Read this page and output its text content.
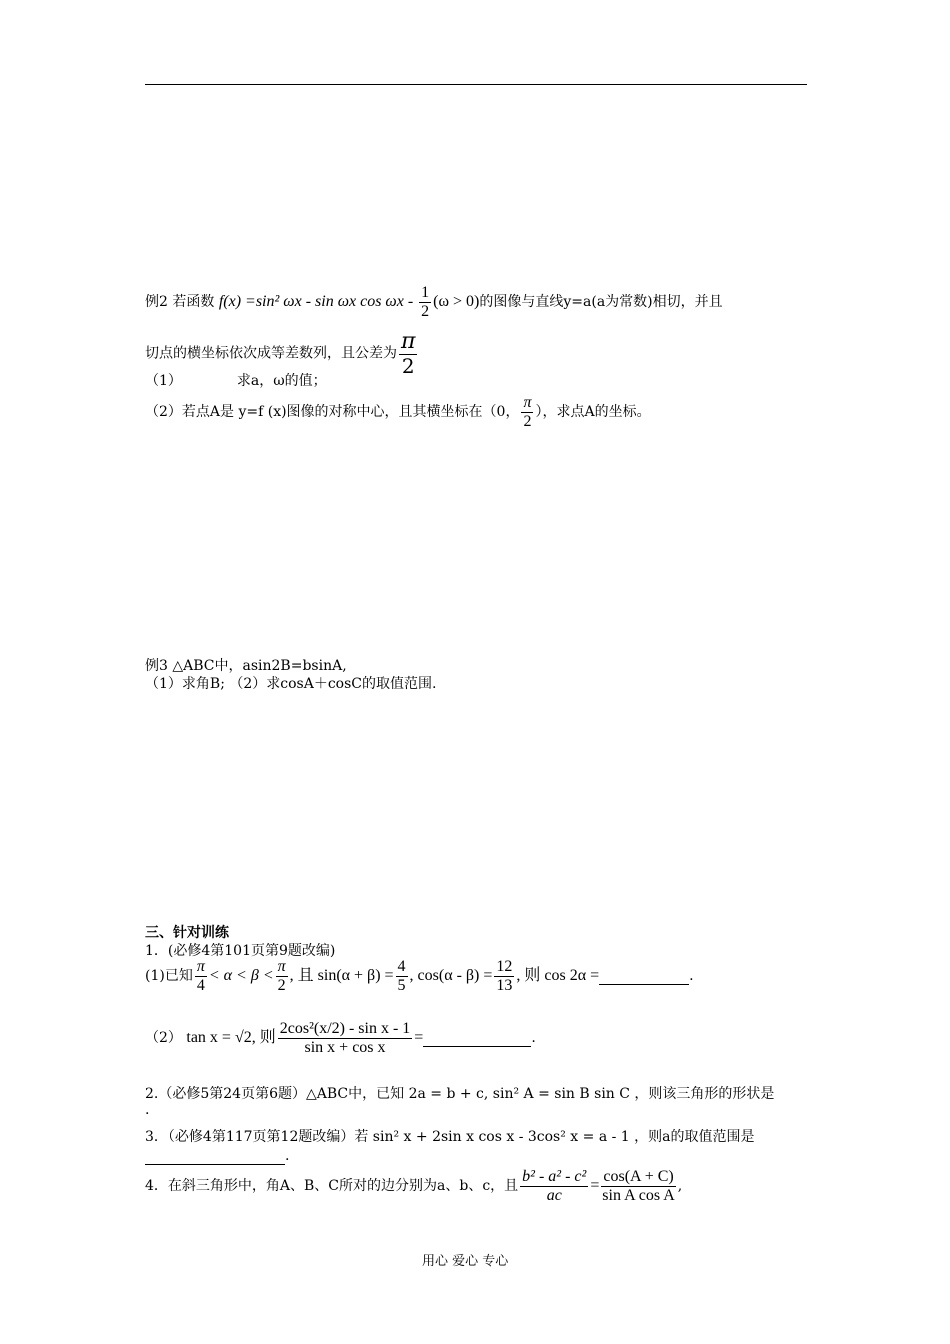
例2 若函数 f(x) =sin² ωx - sin ωx $\cos \omega x - \frac{1}{2} (\omega > 0)$的图像与直线y=a(a为常数)相切，并且
切点的横坐标依次成等差数列，且公差为 $\frac{\pi}{2}$
（1）	求a，ω的值；
（2）若点A是 y=f (x)图像的对称中心，且其横坐标在（0， $\frac{\pi}{2}$ ），求点A的坐标。
例3 △ABC中，asin2B=bsinA,
（1）求角B; （2）求cosA＋cosC的取值范围.
三、针对训练
1．(必修4第101页第9题改编)
(1)已知 $\frac{\pi}{4} < \alpha < \beta < \frac{\pi}{2}$ , 且 $\sin(\alpha + \beta) = \frac{4}{5}$ , $\cos(\alpha - \beta) = \frac{12}{13}$ , 则 cos 2α =	.
（2） tan x = √2, 则 $\frac{\text{2cos²(x/2) - sin x - 1}}{\text{sin x + cos x}}$ =	.
2.（必修5第24页第6题）△ABC中，已知 2a = b + c, sin² A = sin B sin C ，则该三角形的形状是
.
3．（必修4第117页第12题改编）若 sin² x + 2sin x cos x - 3cos² x = a - 1 ，则a的取值范围是
.
4．在斜三角形中，角A、B、C所对的边分别为a、b、c，且 $\frac{\text{b² - a² - c²}}{ac} = \frac{\cos(A + C)}{\text{sin A cos A}}$ ,
用心 爱心 专心
